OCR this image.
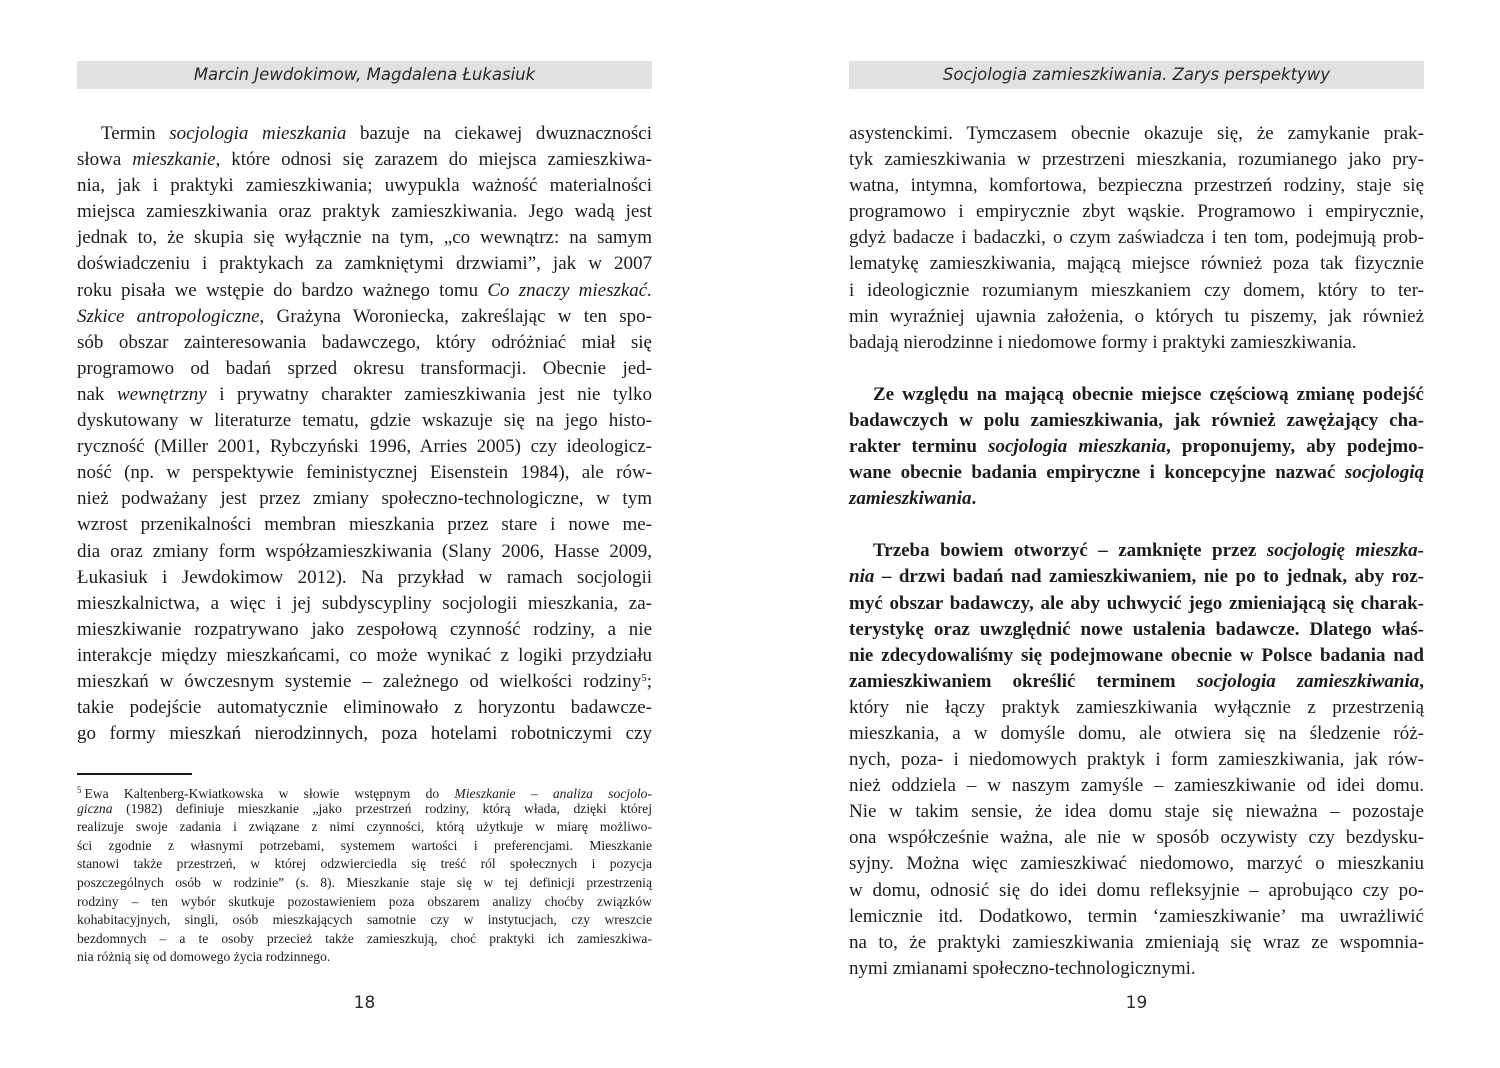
Marcin Jewdokimow, Magdalena Łukasiuk
Termin socjologia mieszkania bazuje na ciekawej dwuznaczności
słowa mieszkanie, które odnosi się zarazem do miejsca zamieszkiwa-
nia, jak i praktyki zamieszkiwania; uwypukla ważność materialności
miejsca zamieszkiwania oraz praktyk zamieszkiwania. Jego wadą jest
jednak to, że skupia się wyłącznie na tym, „co wewnątrz: na samym
doświadczeniu i praktykach za zamkniętymi drzwiami”, jak w 2007
roku pisała we wstępie do bardzo ważnego tomu Co znaczy mieszkać.
Szkice antropologiczne, Grażyna Woroniecka, zakreślając w ten spo-
sób obszar zainteresowania badawczego, który odróżniać miał się
programowo od badań sprzed okresu transformacji. Obecnie jed-
nak wewnętrzny i prywatny charakter zamieszkiwania jest nie tylko
dyskutowany w literaturze tematu, gdzie wskazuje się na jego histo-
ryczność (Miller 2001, Rybczyński 1996, Arries 2005) czy ideologicz-
ność (np. w perspektywie feministycznej Eisenstein 1984), ale rów-
nież podważany jest przez zmiany społeczno-technologiczne, w tym
wzrost przenikalności membran mieszkania przez stare i nowe me-
dia oraz zmiany form współzamieszkiwania (Slany 2006, Hasse 2009,
Łukasiuk i Jewdokimow 2012). Na przykład w ramach socjologii
mieszkalnictwa, a więc i jej subdyscypliny socjologii mieszkania, za-
mieszkiwanie rozpatrywano jako zespołową czynność rodziny, a nie
interakcje między mieszkańcami, co może wynikać z logiki przydziału
mieszkań w ówczesnym systemie – zależnego od wielkości rodziny$^5$;
takie podejście automatycznie eliminowało z horyzontu badawcze-
go formy mieszkań nierodzinnych, poza hotelami robotniczymi czy
$^5$ Ewa Kaltenberg-Kwiatkowska w słowie wstępnym do Mieszkanie – analiza socjolo-
giczna (1982) definiuje mieszkanie „jako przestrzeń rodziny, którą włada, dzięki której
realizuje swoje zadania i związane z nimi czynności, którą użytkuje w miarę możliwo-
ści zgodnie z własnymi potrzebami, systemem wartości i preferencjami. Mieszkanie
stanowi także przestrzeń, w której odzwierciedla się treść ról społecznych i pozycja
poszczególnych osób w rodzinie” (s. 8). Mieszkanie staje się w tej definicji przestrzenią
rodziny – ten wybór skutkuje pozostawieniem poza obszarem analizy choćby związków
kohabitacyjnych, singli, osób mieszkających samotnie czy w instytucjach, czy wreszcie
bezdomnych – a te osoby przecież także zamieszkują, choć praktyki ich zamieszkiwa-
nia różnią się od domowego życia rodzinnego.
18
Socjologia zamieszkiwania. Zarys perspektywy
asystenckimi. Tymczasem obecnie okazuje się, że zamykanie prak-
tyk zamieszkiwania w przestrzeni mieszkania, rozumianego jako pry-
watna, intymna, komfortowa, bezpieczna przestrzeń rodziny, staje się
programowo i empirycznie zbyt wąskie. Programowo i empirycznie,
gdyż badacze i badaczki, o czym zaświadcza i ten tom, podejmują prob-
lematykę zamieszkiwania, mającą miejsce również poza tak fizycznie
i ideologicznie rozumianym mieszkaniem czy domem, który to ter-
min wyraźniej ujawnia założenia, o których tu piszemy, jak również
badają nierodzinne i niedomowe formy i praktyki zamieszkiwania.
Ze względu na mającą obecnie miejsce częściową zmianę podejść
badawczych w polu zamieszkiwania, jak również zawężający cha-
rakter terminu socjologia mieszkania, proponujemy, aby podejmo-
wane obecnie badania empiryczne i koncepcyjne nazwać socjologią
zamieszkiwania.
Trzeba bowiem otworzyć – zamknięte przez socjologię mieszka-
nia – drzwi badań nad zamieszkiwaniem, nie po to jednak, aby roz-
myć obszar badawczy, ale aby uchwycić jego zmieniającą się charak-
terystykę oraz uwzględnić nowe ustalenia badawcze. Dlatego właś-
nie zdecydowaliśmy się podejmowane obecnie w Polsce badania nad
zamieszkiwaniem określić terminem socjologia zamieszkiwania,
który nie łączy praktyk zamieszkiwania wyłącznie z przestrzenią
mieszkania, a w domyśle domu, ale otwiera się na śledzenie róż-
nych, poza- i niedomowych praktyk i form zamieszkiwania, jak rów-
nież oddziela – w naszym zamyśle – zamieszkiwanie od idei domu.
Nie w takim sensie, że idea domu staje się nieważna – pozostaje
ona współcześnie ważna, ale nie w sposób oczywisty czy bezdysku-
syjny. Można więc zamieszkiwać niedomowo, marzyć o mieszkaniu
w domu, odnosić się do idei domu refleksyjnie – aprobująco czy po-
lemicznie itd. Dodatkowo, termin ‘zamieszkiwanie’ ma uwrażliwić
na to, że praktyki zamieszkiwania zmieniają się wraz ze wspomnia-
nymi zmianami społeczno-technologicznymi.
19
